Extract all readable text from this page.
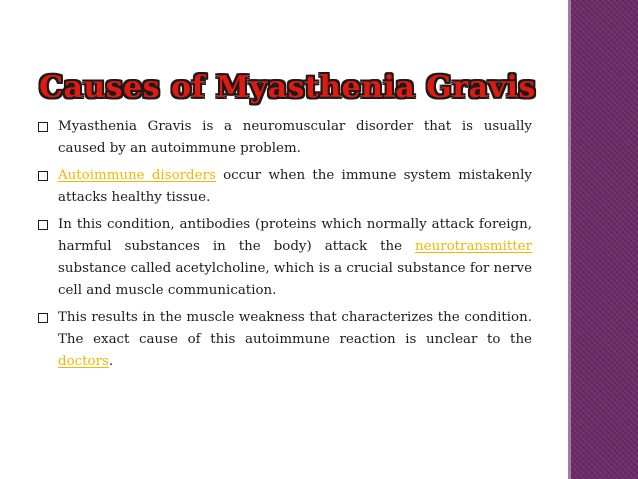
Causes of Myasthenia Gravis
Myasthenia Gravis is a neuromuscular disorder that is usually caused by an autoimmune problem.
Autoimmune disorders occur when the immune system mistakenly attacks healthy tissue.
In this condition, antibodies (proteins which normally attack foreign, harmful substances in the body) attack the neurotransmitter substance called acetylcholine, which is a crucial substance for nerve cell and muscle communication.
This results in the muscle weakness that characterizes the condition. The exact cause of this autoimmune reaction is unclear to the doctors.
